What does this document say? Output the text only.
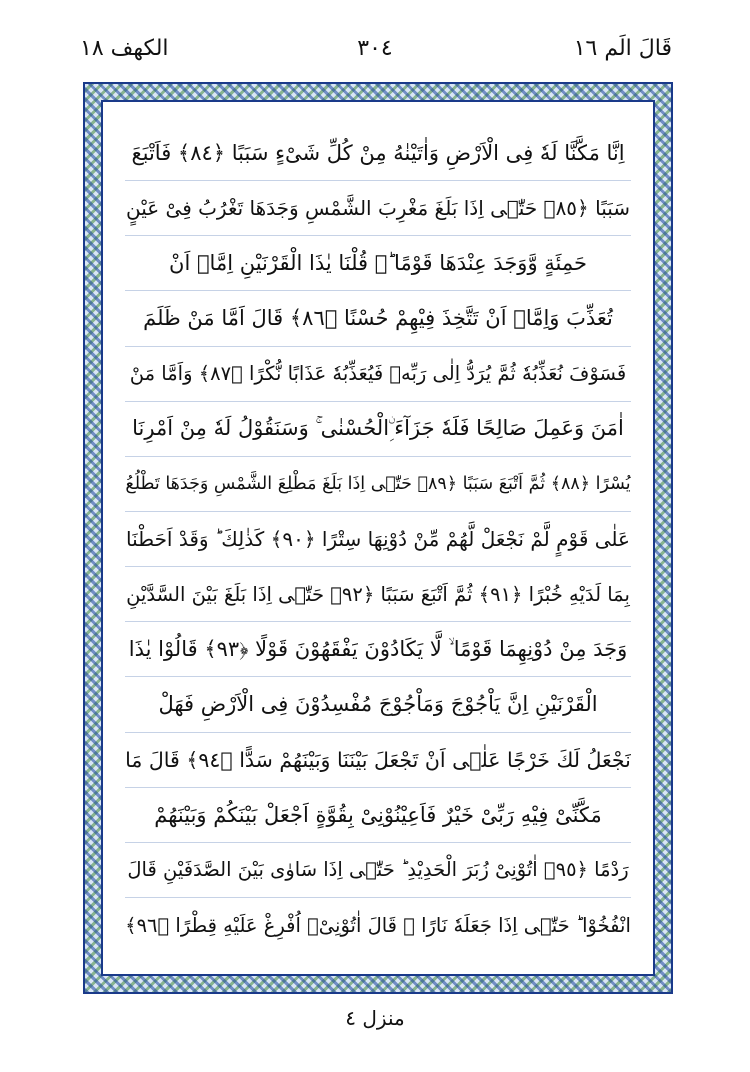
قَالَ الَم ١٦
٣٠٤
الكهف ١٨
اِنَّا مَكَّنَّا لَهٗ فِی الْاَرْضِ وَاٰتَیْنٰهُ مِنْ كُلِّ شَیْءٍ سَبَبًا ﴿٨٤﴾ فَاَتْبَعَ
سَبَبًا ﴿٨٥﴾ حَتّٰۤی اِذَا بَلَغَ مَغْرِبَ الشَّمْسِ وَجَدَهَا تَغْرُبُ فِیْ عَیْنٍ
حَمِئَةٍ وَّوَجَدَ عِنْدَهَا قَوْمًا ؕ۬ قُلْنَا یٰذَا الْقَرْنَیْنِ اِمَّاۤ اَنْ
تُعَذِّبَ وَاِمَّاۤ اَنْ تَتَّخِذَ فِیْهِمْ حُسْنًا ﴿٨٦﴾ قَالَ اَمَّا مَنْ ظَلَمَ
فَسَوْفَ نُعَذِّبُهٗ ثُمَّ یُرَدُّ اِلٰی رَبِّهٖ فَیُعَذِّبُهٗ عَذَابًا نُّكْرًا ﴿٨٧﴾ وَاَمَّا مَنْ
اٰمَنَ وَعَمِلَ صَالِحًا فَلَهٗ جَزَآءَ ِۨالْحُسْنٰی ۚ وَسَنَقُوْلُ لَهٗ مِنْ اَمْرِنَا
یُسْرًا ﴿٨٨﴾ ثُمَّ اَتْبَعَ سَبَبًا ﴿٨٩﴾ حَتّٰۤی اِذَا بَلَغَ مَطْلِعَ الشَّمْسِ وَجَدَهَا تَطْلُعُ
عَلٰی قَوْمٍ لَّمْ نَجْعَلْ لَّهُمْ مِّنْ دُوْنِهَا سِتْرًا ﴿٩٠﴾ كَذٰلِكَ ؕ وَقَدْ اَحَطْنَا
بِمَا لَدَیْهِ خُبْرًا ﴿٩١﴾ ثُمَّ اَتْبَعَ سَبَبًا ﴿٩٢﴾ حَتّٰۤی اِذَا بَلَغَ بَیْنَ السَّدَّیْنِ
وَجَدَ مِنْ دُوْنِهِمَا قَوْمًا ۙ لَّا یَكَادُوْنَ یَفْقَهُوْنَ قَوْلًا ﴿٩٣﴾ قَالُوْا یٰذَا
الْقَرْنَیْنِ اِنَّ یَاْجُوْجَ وَمَاْجُوْجَ مُفْسِدُوْنَ فِی الْاَرْضِ فَهَلْ
نَجْعَلُ لَكَ خَرْجًا عَلٰۤی اَنْ تَجْعَلَ بَیْنَنَا وَبَیْنَهُمْ سَدًّا ﴿٩٤﴾ قَالَ مَا
مَكَّنِّیْ فِیْهِ رَبِّیْ خَیْرٌ فَاَعِیْنُوْنِیْ بِقُوَّةٍ اَجْعَلْ بَیْنَكُمْ وَبَیْنَهُمْ
رَدْمًا ﴿٩٥﴾ اٰتُوْنِیْ زُبَرَ الْحَدِیْدِ ؕ حَتّٰۤی اِذَا سَاوٰی بَیْنَ الصَّدَفَیْنِ قَالَ
انْفُخُوْا ؕ حَتّٰۤی اِذَا جَعَلَهٗ نَارًا ۙ قَالَ اٰتُوْنِیْۤ اُفْرِغْ عَلَیْهِ قِطْرًا ﴿٩٦﴾
منزل ٤
